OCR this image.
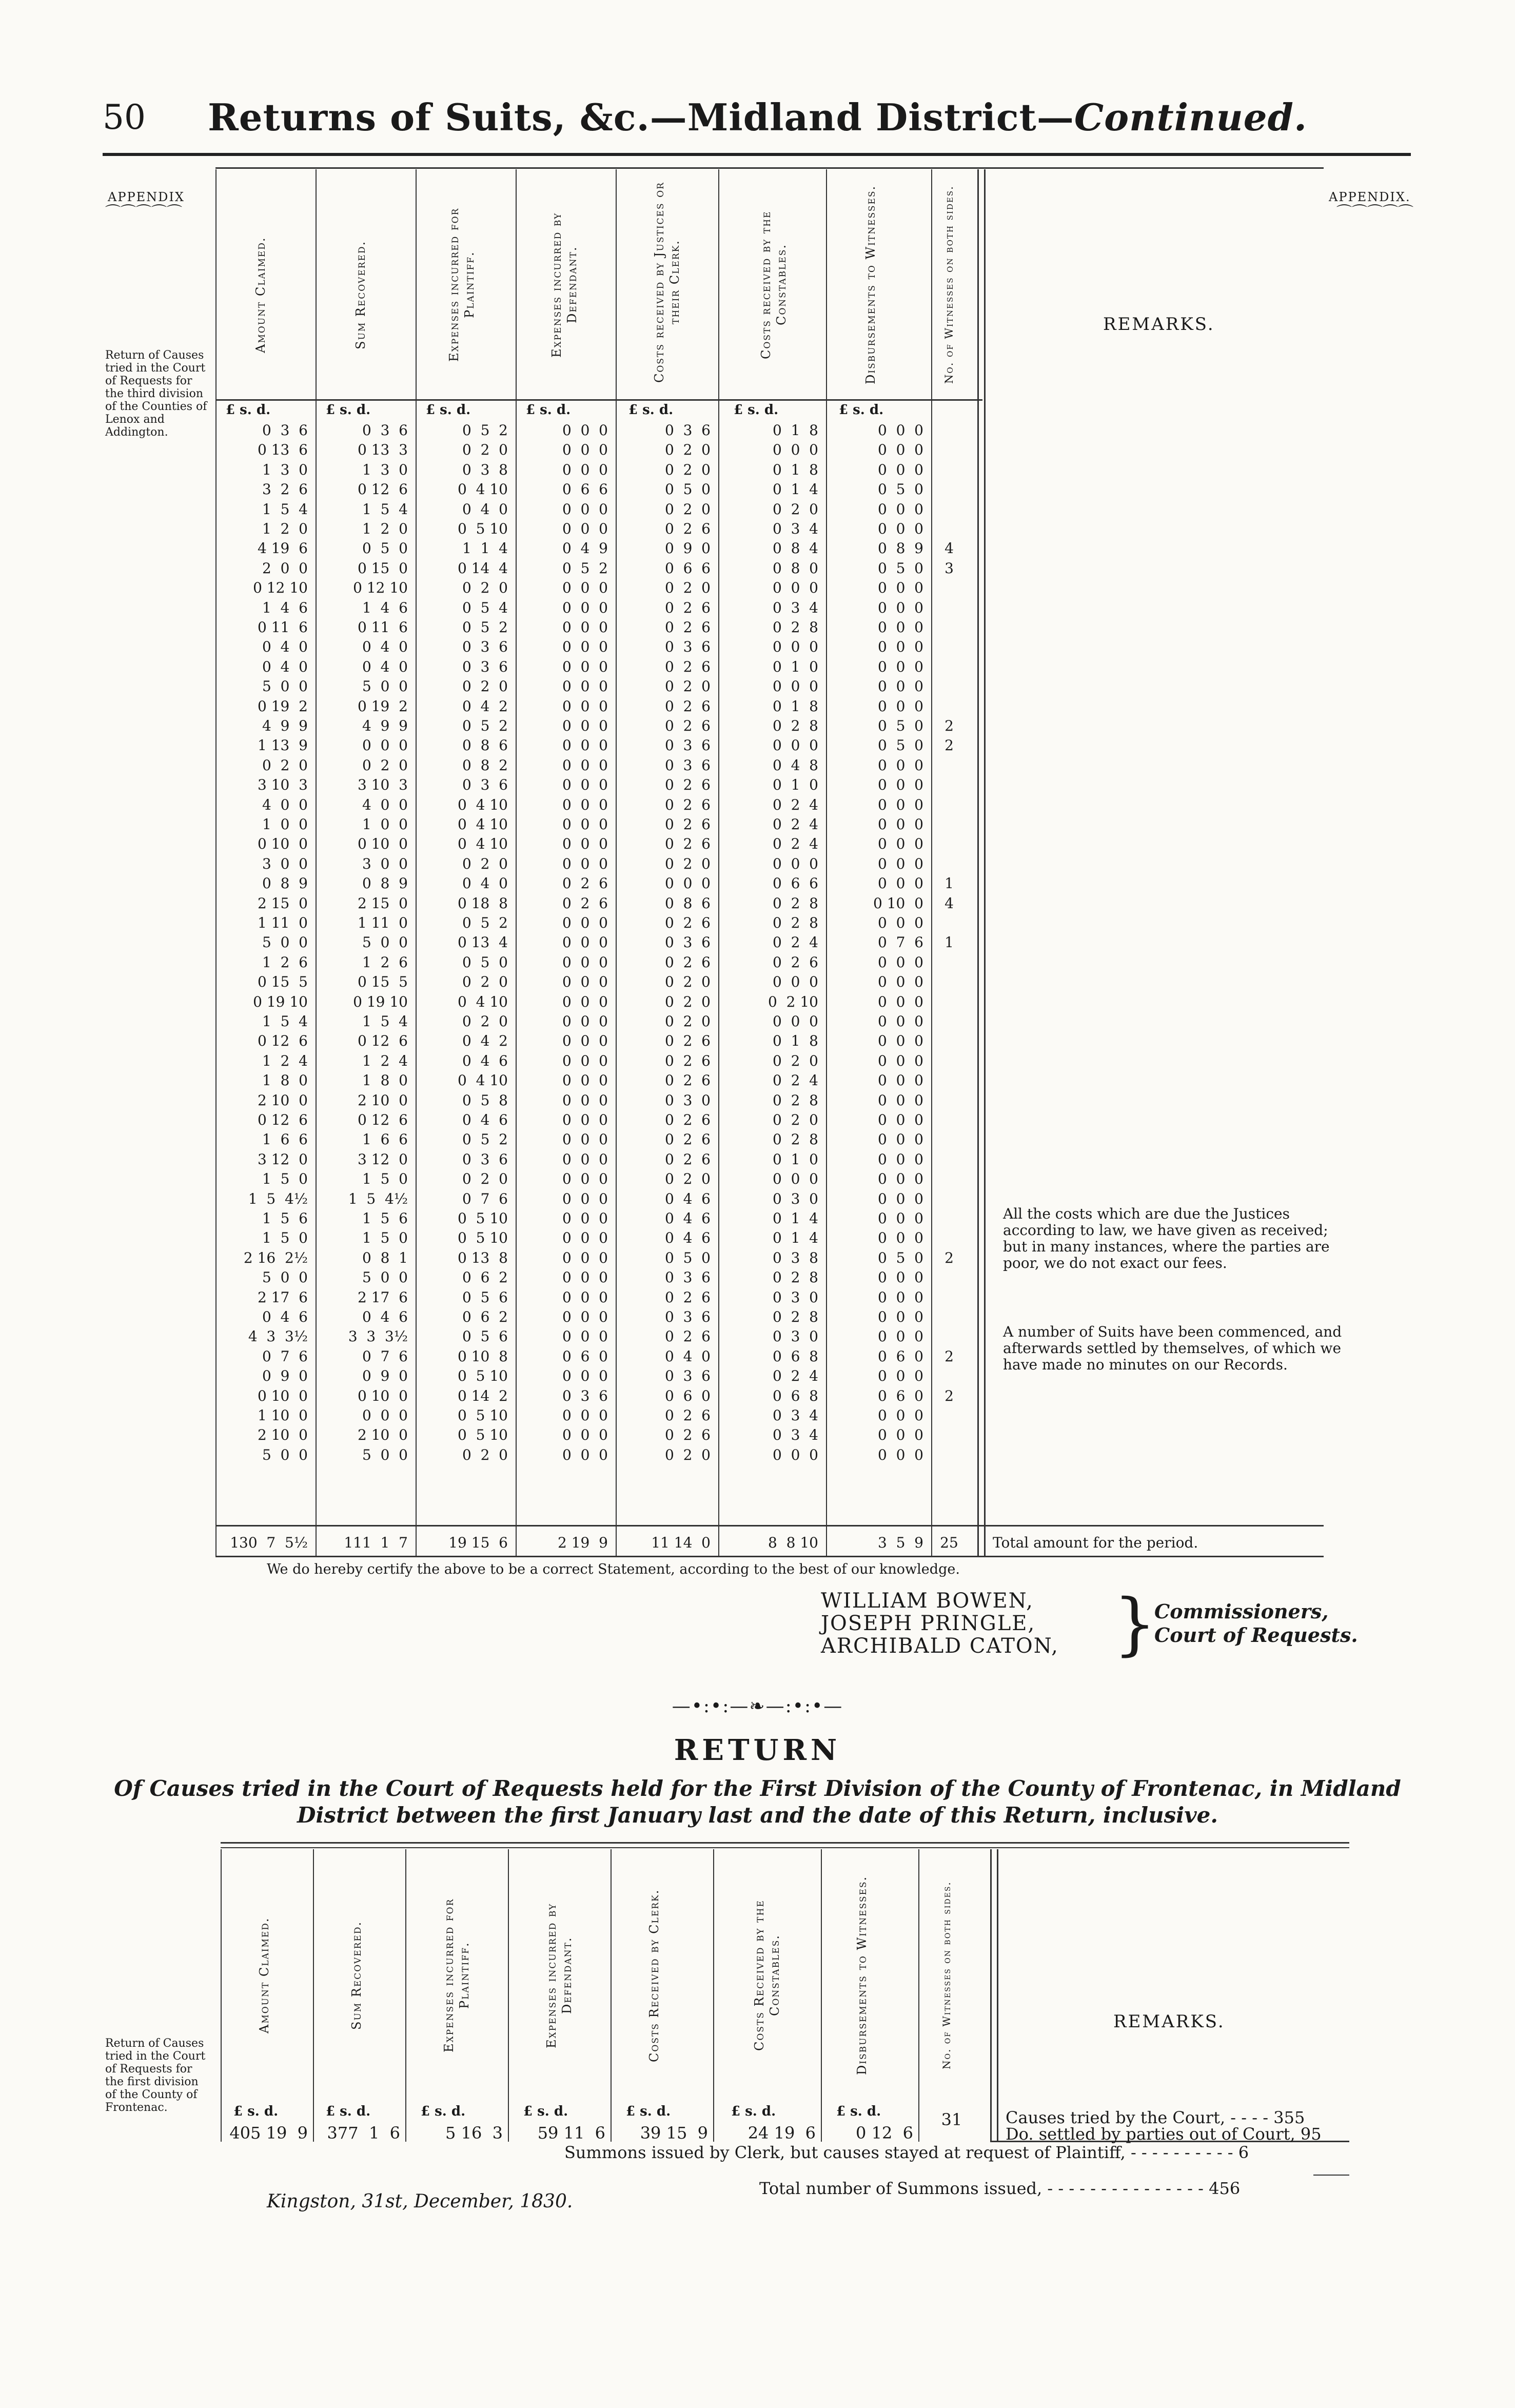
50	Returns of Suits, &c.—Midland District—Continued.
APPENDIX
⌒⌒⌒⌒⌒
APPENDIX.
⌒⌒⌒⌒⌒
Return of Causes tried in the Court of Requests for the third division of the Counties of Lenox and Addington.
Amount Claimed.	Sum Recovered.	Expenses incurred for Plaintiff.	Expenses incurred by Defendant.	Costs received by Justices or their Clerk.	Costs received by the Constables.	Disbursements to Witnesses.	No. of Witnesses on both sides.	REMARKS.
£ s. d.	£ s. d.	£ s. d.	£ s. d.	£ s. d.	£ s. d.	£ s. d.
0  3  6	0  3  6	0  5  2	0  0  0	0  3  6	0  1  8	0  0  0
0 13  6	0 13  3	0  2  0	0  0  0	0  2  0	0  0  0	0  0  0
1  3  0	1  3  0	0  3  8	0  0  0	0  2  0	0  1  8	0  0  0
3  2  6	0 12  6	0  4 10	0  6  6	0  5  0	0  1  4	0  5  0
1  5  4	1  5  4	0  4  0	0  0  0	0  2  0	0  2  0	0  0  0
1  2  0	1  2  0	0  5 10	0  0  0	0  2  6	0  3  4	0  0  0
4 19  6	0  5  0	1  1  4	0  4  9	0  9  0	0  8  4	0  8  9	4
2  0  0	0 15  0	0 14  4	0  5  2	0  6  6	0  8  0	0  5  0	3
0 12 10	0 12 10	0  2  0	0  0  0	0  2  0	0  0  0	0  0  0
1  4  6	1  4  6	0  5  4	0  0  0	0  2  6	0  3  4	0  0  0
0 11  6	0 11  6	0  5  2	0  0  0	0  2  6	0  2  8	0  0  0
0  4  0	0  4  0	0  3  6	0  0  0	0  3  6	0  0  0	0  0  0
0  4  0	0  4  0	0  3  6	0  0  0	0  2  6	0  1  0	0  0  0
5  0  0	5  0  0	0  2  0	0  0  0	0  2  0	0  0  0	0  0  0
0 19  2	0 19  2	0  4  2	0  0  0	0  2  6	0  1  8	0  0  0
4  9  9	4  9  9	0  5  2	0  0  0	0  2  6	0  2  8	0  5  0	2
1 13  9	0  0  0	0  8  6	0  0  0	0  3  6	0  0  0	0  5  0	2
0  2  0	0  2  0	0  8  2	0  0  0	0  3  6	0  4  8	0  0  0
3 10  3	3 10  3	0  3  6	0  0  0	0  2  6	0  1  0	0  0  0
4  0  0	4  0  0	0  4 10	0  0  0	0  2  6	0  2  4	0  0  0
1  0  0	1  0  0	0  4 10	0  0  0	0  2  6	0  2  4	0  0  0
0 10  0	0 10  0	0  4 10	0  0  0	0  2  6	0  2  4	0  0  0
3  0  0	3  0  0	0  2  0	0  0  0	0  2  0	0  0  0	0  0  0
0  8  9	0  8  9	0  4  0	0  2  6	0  0  0	0  6  6	0  0  0	1
2 15  0	2 15  0	0 18  8	0  2  6	0  8  6	0  2  8	0 10  0	4
1 11  0	1 11  0	0  5  2	0  0  0	0  2  6	0  2  8	0  0  0
5  0  0	5  0  0	0 13  4	0  0  0	0  3  6	0  2  4	0  7  6	1
1  2  6	1  2  6	0  5  0	0  0  0	0  2  6	0  2  6	0  0  0
0 15  5	0 15  5	0  2  0	0  0  0	0  2  0	0  0  0	0  0  0
0 19 10	0 19 10	0  4 10	0  0  0	0  2  0	0  2 10	0  0  0
1  5  4	1  5  4	0  2  0	0  0  0	0  2  0	0  0  0	0  0  0
0 12  6	0 12  6	0  4  2	0  0  0	0  2  6	0  1  8	0  0  0
1  2  4	1  2  4	0  4  6	0  0  0	0  2  6	0  2  0	0  0  0
1  8  0	1  8  0	0  4 10	0  0  0	0  2  6	0  2  4	0  0  0
2 10  0	2 10  0	0  5  8	0  0  0	0  3  0	0  2  8	0  0  0
0 12  6	0 12  6	0  4  6	0  0  0	0  2  6	0  2  0	0  0  0
1  6  6	1  6  6	0  5  2	0  0  0	0  2  6	0  2  8	0  0  0
3 12  0	3 12  0	0  3  6	0  0  0	0  2  6	0  1  0	0  0  0
1  5  0	1  5  0	0  2  0	0  0  0	0  2  0	0  0  0	0  0  0
1  5  4½	1  5  4½	0  7  6	0  0  0	0  4  6	0  3  0	0  0  0
1  5  6	1  5  6	0  5 10	0  0  0	0  4  6	0  1  4	0  0  0
1  5  0	1  5  0	0  5 10	0  0  0	0  4  6	0  1  4	0  0  0
2 16  2½	0  8  1	0 13  8	0  0  0	0  5  0	0  3  8	0  5  0	2
5  0  0	5  0  0	0  6  2	0  0  0	0  3  6	0  2  8	0  0  0
2 17  6	2 17  6	0  5  6	0  0  0	0  2  6	0  3  0	0  0  0
0  4  6	0  4  6	0  6  2	0  0  0	0  3  6	0  2  8	0  0  0
4  3  3½	3  3  3½	0  5  6	0  0  0	0  2  6	0  3  0	0  0  0
0  7  6	0  7  6	0 10  8	0  6  0	0  4  0	0  6  8	0  6  0	2
0  9  0	0  9  0	0  5 10	0  0  0	0  3  6	0  2  4	0  0  0
0 10  0	0 10  0	0 14  2	0  3  6	0  6  0	0  6  8	0  6  0	2
1 10  0	0  0  0	0  5 10	0  0  0	0  2  6	0  3  4	0  0  0
2 10  0	2 10  0	0  5 10	0  0  0	0  2  6	0  3  4	0  0  0
5  0  0	5  0  0	0  2  0	0  0  0	0  2  0	0  0  0	0  0  0
130  7  5½	111  1  7	19 15  6	2 19  9	11 14  0	8  8 10	3  5  9	25	Total amount for the period.
All the costs which are due the Justices according to law, we have given as received; but in many instances, where the parties are poor, we do not exact our fees.
A number of Suits have been commenced, and afterwards settled by themselves, of which we have made no minutes on our Records.
We do hereby certify the above to be a correct Statement, according to the best of our knowledge.
WILLIAM BOWEN,
JOSEPH PRINGLE,
ARCHIBALD CATON, }
Commissioners,
Court of Requests.
—•:•:—❧—:•:•—
RETURN
Of Causes tried in the Court of Requests held for the First Division of the County of Frontenac, in Midland
District between the first January last and the date of this Return, inclusive.
Amount Claimed.	Sum Recovered.	Expenses incurred for Plaintiff.	Expenses incurred by Defendant.	Costs Received by Clerk.	Costs Received by the Constables.	Disbursements to Witnesses.	No. of Witnesses on both sides.	REMARKS.
Return of Causes tried in the Court of Requests for the first division of the County of Frontenac.	£ s. d.	£ s. d.	£ s. d.	£ s. d.	£ s. d.	£ s. d.	£ s. d.
405 19  9	377  1  6	5 16  3	59 11  6	39 15  9	24 19  6	0 12  6
31	Causes tried by the Court, - - - - 355
Do. settled by parties out of Court, 95
Summons issued by Clerk, but causes stayed at request of Plaintiff, - - - - - - - - - - 6
Total number of Summons issued, - - - - - - - - - - - - - - - 456
Kingston, 31st, December, 1830.
